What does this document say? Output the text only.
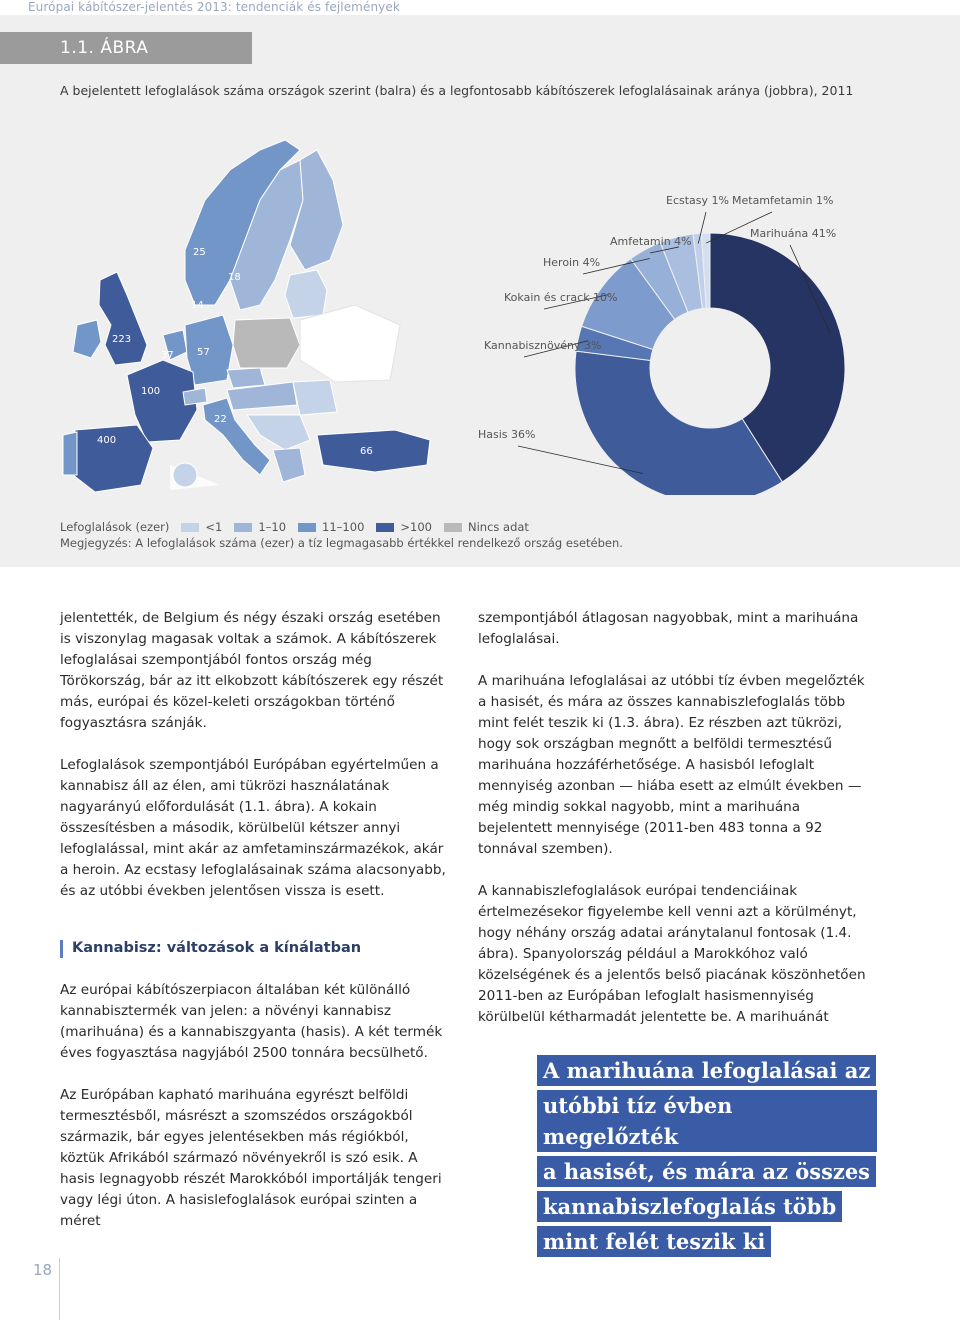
Európai kábítószer-jelentés 2013: tendenciák és fejlemények
1.1. ÁBRA
A bejelentett lefoglalások száma országok szerint (balra) és a legfontosabb kábítószerek lefoglalásainak aránya (jobbra), 2011
25
18
14
223
37 57
100
22
400
66
Marihuána 41%
Hasis 36%
Kannabisznövény 3%
Kokain és crack 10%
Heroin 4%
Amfetamin 4%
Ecstasy 1% Metamfetamin 1%
Lefoglalások (ezer)	<1	1–10	11–100	>100	Nincs adat
Megjegyzés: A lefoglalások száma (ezer) a tíz legmagasabb értékkel rendelkező ország esetében.

jelentették, de Belgium és négy északi ország esetében is viszonylag magasak voltak a számok. A kábítószerek lefoglalásai szempontjából fontos ország még Törökország, bár az itt elkobzott kábítószerek egy részét más, európai és közel-keleti országokban történő fogyasztásra szánják.

Lefoglalások szempontjából Európában egyértelműen a kannabisz áll az élen, ami tükrözi használatának nagyarányú előfordulását (1.1. ábra). A kokain összesítésben a második, körülbelül kétszer annyi lefoglalással, mint akár az amfetaminszármazékok, akár a heroin. Az ecstasy lefoglalásainak száma alacsonyabb, és az utóbbi években jelentősen vissza is esett.

Kannabisz: változások a kínálatban

Az európai kábítószerpiacon általában két különálló kannabisztermék van jelen: a növényi kannabisz (marihuána) és a kannabiszgyanta (hasis). A két termék éves fogyasztása nagyjából 2500 tonnára becsülhető.

Az Európában kapható marihuána egyrészt belföldi termesztésből, másrészt a szomszédos országokból származik, bár egyes jelentésekben más régiókból, köztük Afrikából származó növényekről is szó esik. A hasis legnagyobb részét Marokkóból importálják tengeri vagy légi úton. A hasislefoglalások európai szinten a méret

szempontjából átlagosan nagyobbak, mint a marihuána lefoglalásai.

A marihuána lefoglalásai az utóbbi tíz évben megelőzték a hasisét, és mára az összes kannabiszlefoglalás több mint felét teszik ki (1.3. ábra). Ez részben azt tükrözi, hogy sok országban megnőtt a belföldi termesztésű marihuána hozzáférhetősége. A hasisból lefoglalt mennyiség azonban — hiába esett az elmúlt években — még mindig sokkal nagyobb, mint a marihuána bejelentett mennyisége (2011-ben 483 tonna a 92 tonnával szemben).

A kannabiszlefoglalások európai tendenciáinak értelmezésekor figyelembe kell venni azt a körülményt, hogy néhány ország adatai aránytalanul fontosak (1.4. ábra). Spanyolország például a Marokkóhoz való közelségének és a jelentős belső piacának köszönhetően 2011-ben az Európában lefoglalt hasismennyiség körülbelül kétharmadát jelentette be. A marihuánát

A marihuána lefoglalásai az
utóbbi tíz évben megelőzték
a hasisét, és mára az összes
kannabiszlefoglalás több
mint felét teszik ki
18
